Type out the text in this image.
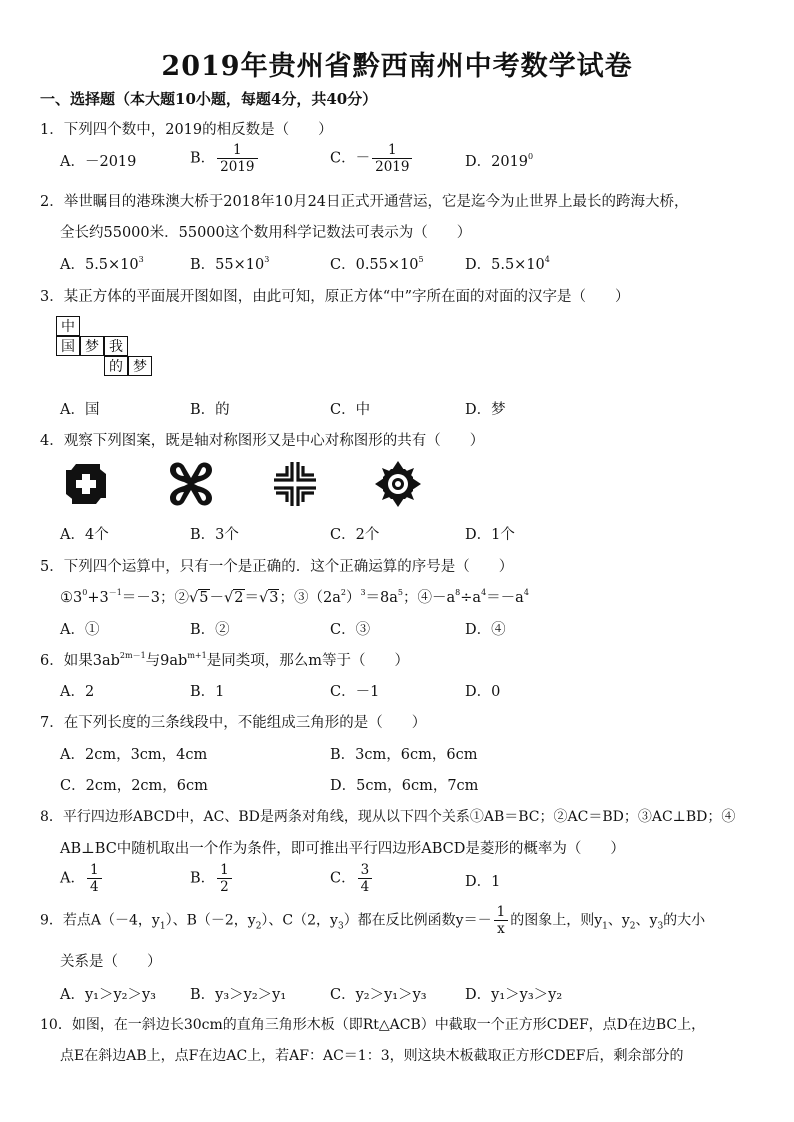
2019年贵州省黔西南州中考数学试卷
一、选择题（本大题10小题，每题4分，共40分）
1．下列四个数中，2019的相反数是（　　）
A．－2019	B． $\frac{1}{2019}$	C．－ $\frac{1}{2019}$	D．2019$^0$
2．举世瞩目的港珠澳大桥于2018年10月24日正式开通营运，它是迄今为止世界上最长的跨海大桥，
全长约55000米．55000这个数用科学记数法可表示为（　　）
A．$5.5\times 10^3$	B．$55\times 10^3$	C．$0.55\times 10^5$	D．$5.5\times 10^4$
3．某正方体的平面展开图如图，由此可知，原正方体“中”字所在面的对面的汉字是（　　）
中
国 梦 我
的 梦
A．国	B．的	C．中	D．梦
4．观察下列图案，既是轴对称图形又是中心对称图形的共有（　　）
A．4个	B．3个	C．2个	D．1个
5．下列四个运算中，只有一个是正确的．这个正确运算的序号是（　　）
$①3^0+3^{-1}=-3$；②√5－√2＝√3；$③(2a^2)^3=8a^5$；$④-a^8\div a^4=-a^4$
A．①	B．②	C．③	D．④
6．如果$3ab^{2m-1}$与$9ab^{m+1}$是同类项，那么m等于（　　）
A．2	B．1	C．－1	D．0
7．在下列长度的三条线段中，不能组成三角形的是（　　）
A．2cm，3cm，4cm	B．3cm，6cm，6cm
C．2cm，2cm，6cm	D．5cm，6cm，7cm
8．平行四边形ABCD中，AC、BD是两条对角线，现从以下四个关系①AB＝BC；②AC＝BD；③AC⊥BD；④
AB⊥BC中随机取出一个作为条件，即可推出平行四边形ABCD是菱形的概率为（　　）
A． $\frac{1}{4}$	B． $\frac{1}{2}$	C． $\frac{3}{4}$	D．1
9．若点A（－4，$y_1$）、B（－2，$y_2$）、C（2，$y_3$）都在反比例函数$y=- \frac{1}{x}$ 的图象上，则$y_1$、$y_2$、$y_3$的大小
关系是（　　）
A．y₁＞y₂＞y₃ B．y₃＞y₂＞y₁	C．y₂＞y₁＞y₃	D．y₁＞y₃＞y₂
10．如图，在一斜边长30cm的直角三角形木板（即Rt△ACB）中截取一个正方形CDEF，点D在边BC上，
点E在斜边AB上，点F在边AC上，若AF：AC＝1：3，则这块木板截取正方形CDEF后，剩余部分的
